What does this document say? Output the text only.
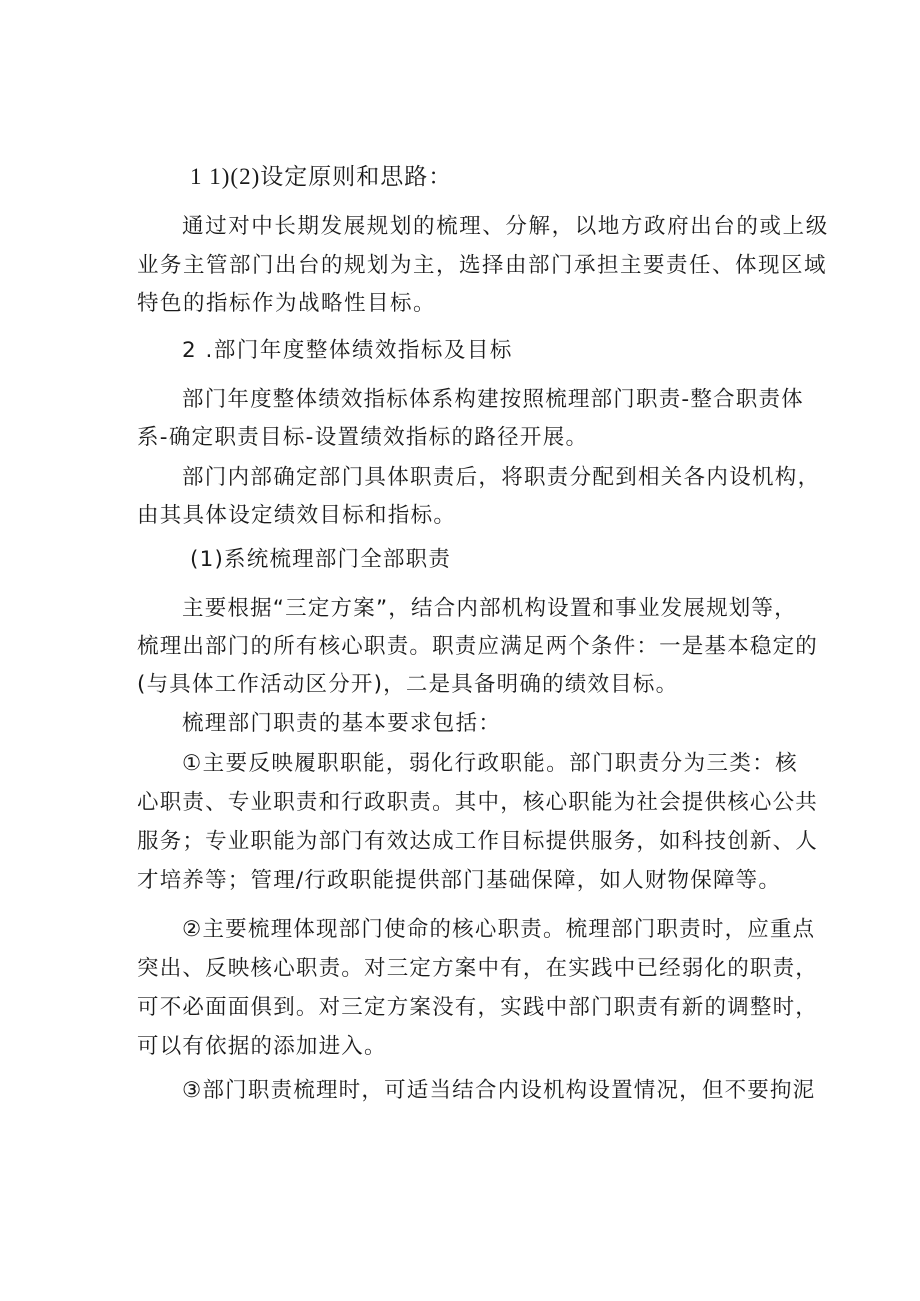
1 1)(2)设定原则和思路：
通过对中长期发展规划的梳理、分解，以地方政府出台的或上级
业务主管部门出台的规划为主，选择由部门承担主要责任、体现区域
特色的指标作为战略性目标。
2 .部门年度整体绩效指标及目标
部门年度整体绩效指标体系构建按照梳理部门职责-整合职责体
系-确定职责目标-设置绩效指标的路径开展。
部门内部确定部门具体职责后，将职责分配到相关各内设机构，
由其具体设定绩效目标和指标。
(1)系统梳理部门全部职责
主要根据“三定方案”，结合内部机构设置和事业发展规划等，
梳理出部门的所有核心职责。职责应满足两个条件：一是基本稳定的
(与具体工作活动区分开)，二是具备明确的绩效目标。
梳理部门职责的基本要求包括：
①主要反映履职职能，弱化行政职能。部门职责分为三类：核
心职责、专业职责和行政职责。其中，核心职能为社会提供核心公共
服务；专业职能为部门有效达成工作目标提供服务，如科技创新、人
才培养等；管理/行政职能提供部门基础保障，如人财物保障等。
②主要梳理体现部门使命的核心职责。梳理部门职责时，应重点
突出、反映核心职责。对三定方案中有，在实践中已经弱化的职责，
可不必面面俱到。对三定方案没有，实践中部门职责有新的调整时，
可以有依据的添加进入。
③部门职责梳理时，可适当结合内设机构设置情况，但不要拘泥
